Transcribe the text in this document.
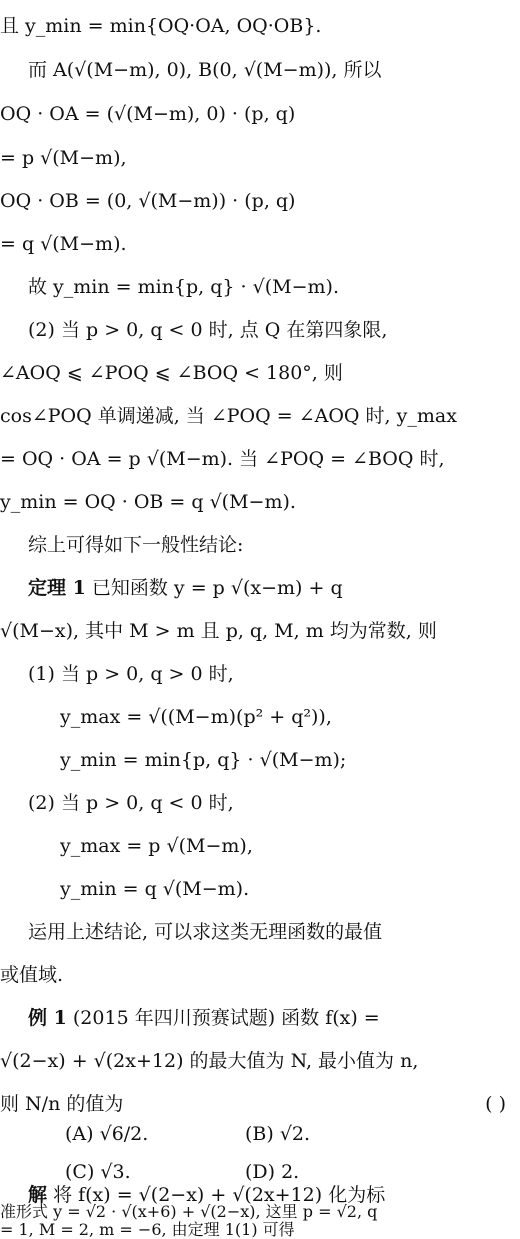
且 y_min = min{OQ·OA, OQ·OB}.
而 A(√(M−m), 0), B(0, √(M−m)), 所以
OQ · OA = (√(M−m), 0) · (p, q)
= p √(M−m),
OQ · OB = (0, √(M−m)) · (p, q)
= q √(M−m).
故 y_min = min{p, q} · √(M−m).
(2) 当 p > 0, q < 0 时, 点 Q 在第四象限,
∠AOQ ⩽ ∠POQ ⩽ ∠BOQ < 180°, 则
cos∠POQ 单调递减, 当 ∠POQ = ∠AOQ 时, y_max
= OQ · OA = p √(M−m). 当 ∠POQ = ∠BOQ 时,
y_min = OQ · OB = q √(M−m).
综上可得如下一般性结论:
定理 1 已知函数 y = p √(x−m) + q
√(M−x), 其中 M > m 且 p, q, M, m 均为常数, 则
(1) 当 p > 0, q > 0 时,
y_max = √((M−m)(p² + q²)),
y_min = min{p, q} · √(M−m);
(2) 当 p > 0, q < 0 时,
y_max = p √(M−m),
y_min = q √(M−m).
运用上述结论, 可以求这类无理函数的最值
或值域.
例 1 (2015 年四川预赛试题) 函数 f(x) =
√(2−x) + √(2x+12) 的最大值为 N, 最小值为 n,
则 N/n 的值为	( )
(A) √6/2.	(B) √2.
(C) √3.	(D) 2.
解 将 f(x) = √(2−x) + √(2x+12) 化为标
准形式 y = √2 · √(x+6) + √(2−x), 这里 p = √2, q
= 1, M = 2, m = −6, 由定理 1(1) 可得
